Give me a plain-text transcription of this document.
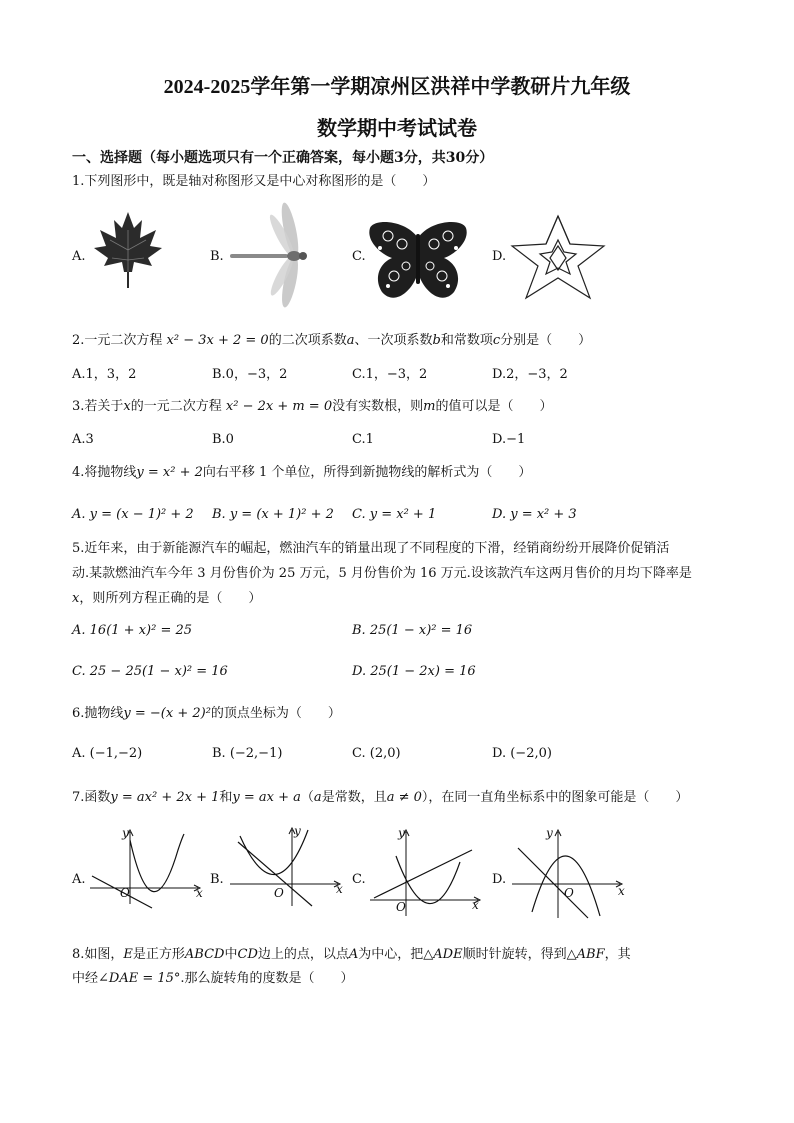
2024-2025学年第一学期凉州区洪祥中学教研片九年级
数学期中考试试卷
一、选择题（每小题选项只有一个正确答案，每小题3分，共30分）
1.下列图形中，既是轴对称图形又是中心对称图形的是（　　）
A.	B.	C.	D.
2.一元二次方程 x² − 3x + 2 = 0的二次项系数a、一次项系数b和常数项c分别是（　　）
A.1，3，2	B.0，−3，2	C.1，−3，2	D.2，−3，2
3.若关于x的一元二次方程 x² − 2x + m = 0没有实数根，则m的值可以是（　　）
A.3	B.0	C.1	D.−1
4.将抛物线y = x² + 2向右平移 1 个单位，所得到新抛物线的解析式为（　　）
A. y = (x − 1)² + 2 B. y = (x + 1)² + 2 C. y = x² + 1	D. y = x² + 3
5.近年来，由于新能源汽车的崛起，燃油汽车的销量出现了不同程度的下滑，经销商纷纷开展降价促销活
动.某款燃油汽车今年 3 月份售价为 25 万元，5 月份售价为 16 万元.设该款汽车这两月售价的月均下降率是
x，则所列方程正确的是（　　）
A. 16(1 + x)² = 25	B. 25(1 − x)² = 16
C. 25 − 25(1 − x)² = 16	D. 25(1 − 2x) = 16
6.抛物线y = −(x + 2)²的顶点坐标为（　　）
A. (−1,−2)	B. (−2,−1)	C. (2,0)	D. (−2,0)
7.函数y = ax² + 2x + 1和y = ax + a（a是常数，且a ≠ 0），在同一直角坐标系中的图象可能是（　　）
A.
y
x
O
B.
y
x
O
C.
y
x
O
D.
y
x
O
8.如图，E是正方形ABCD中CD边上的点，以点A为中心，把△ADE顺时针旋转，得到△ABF，其
中经∠DAE = 15°.那么旋转角的度数是（　　）
